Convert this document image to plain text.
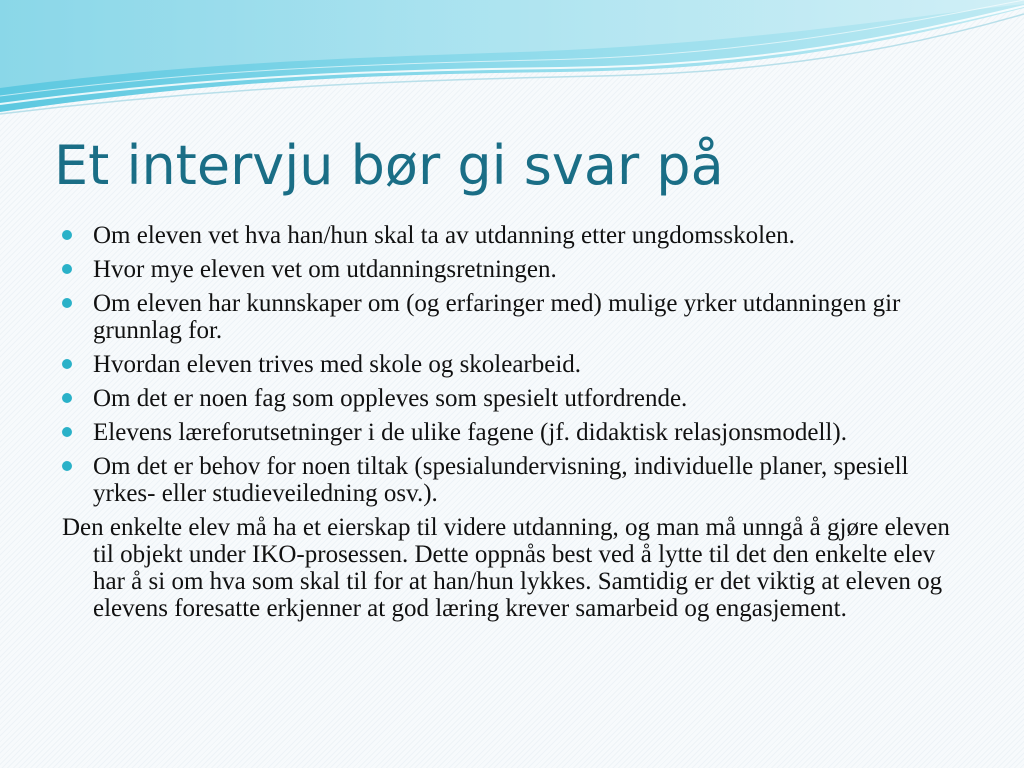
Et intervju bør gi svar på
Om eleven vet hva han/hun skal ta av utdanning etter ungdomsskolen.
Hvor mye eleven vet om utdanningsretningen.
Om eleven har kunnskaper om (og erfaringer med) mulige yrker utdanningen gir grunnlag for.
Hvordan eleven trives med skole og skolearbeid.
Om det er noen fag som oppleves som spesielt utfordrende.
Elevens læreforutsetninger i de ulike fagene (jf. didaktisk relasjonsmodell).
Om det er behov for noen tiltak (spesialundervisning, individuelle planer, spesiell yrkes- eller studieveiledning osv.).

Den enkelte elev må ha et eierskap til videre utdanning, og man må unngå å gjøre eleven til objekt under IKO-prosessen. Dette oppnås best ved å lytte til det den enkelte elev har å si om hva som skal til for at han/hun lykkes. Samtidig er det viktig at eleven og elevens foresatte erkjenner at god læring krever samarbeid og engasjement.
